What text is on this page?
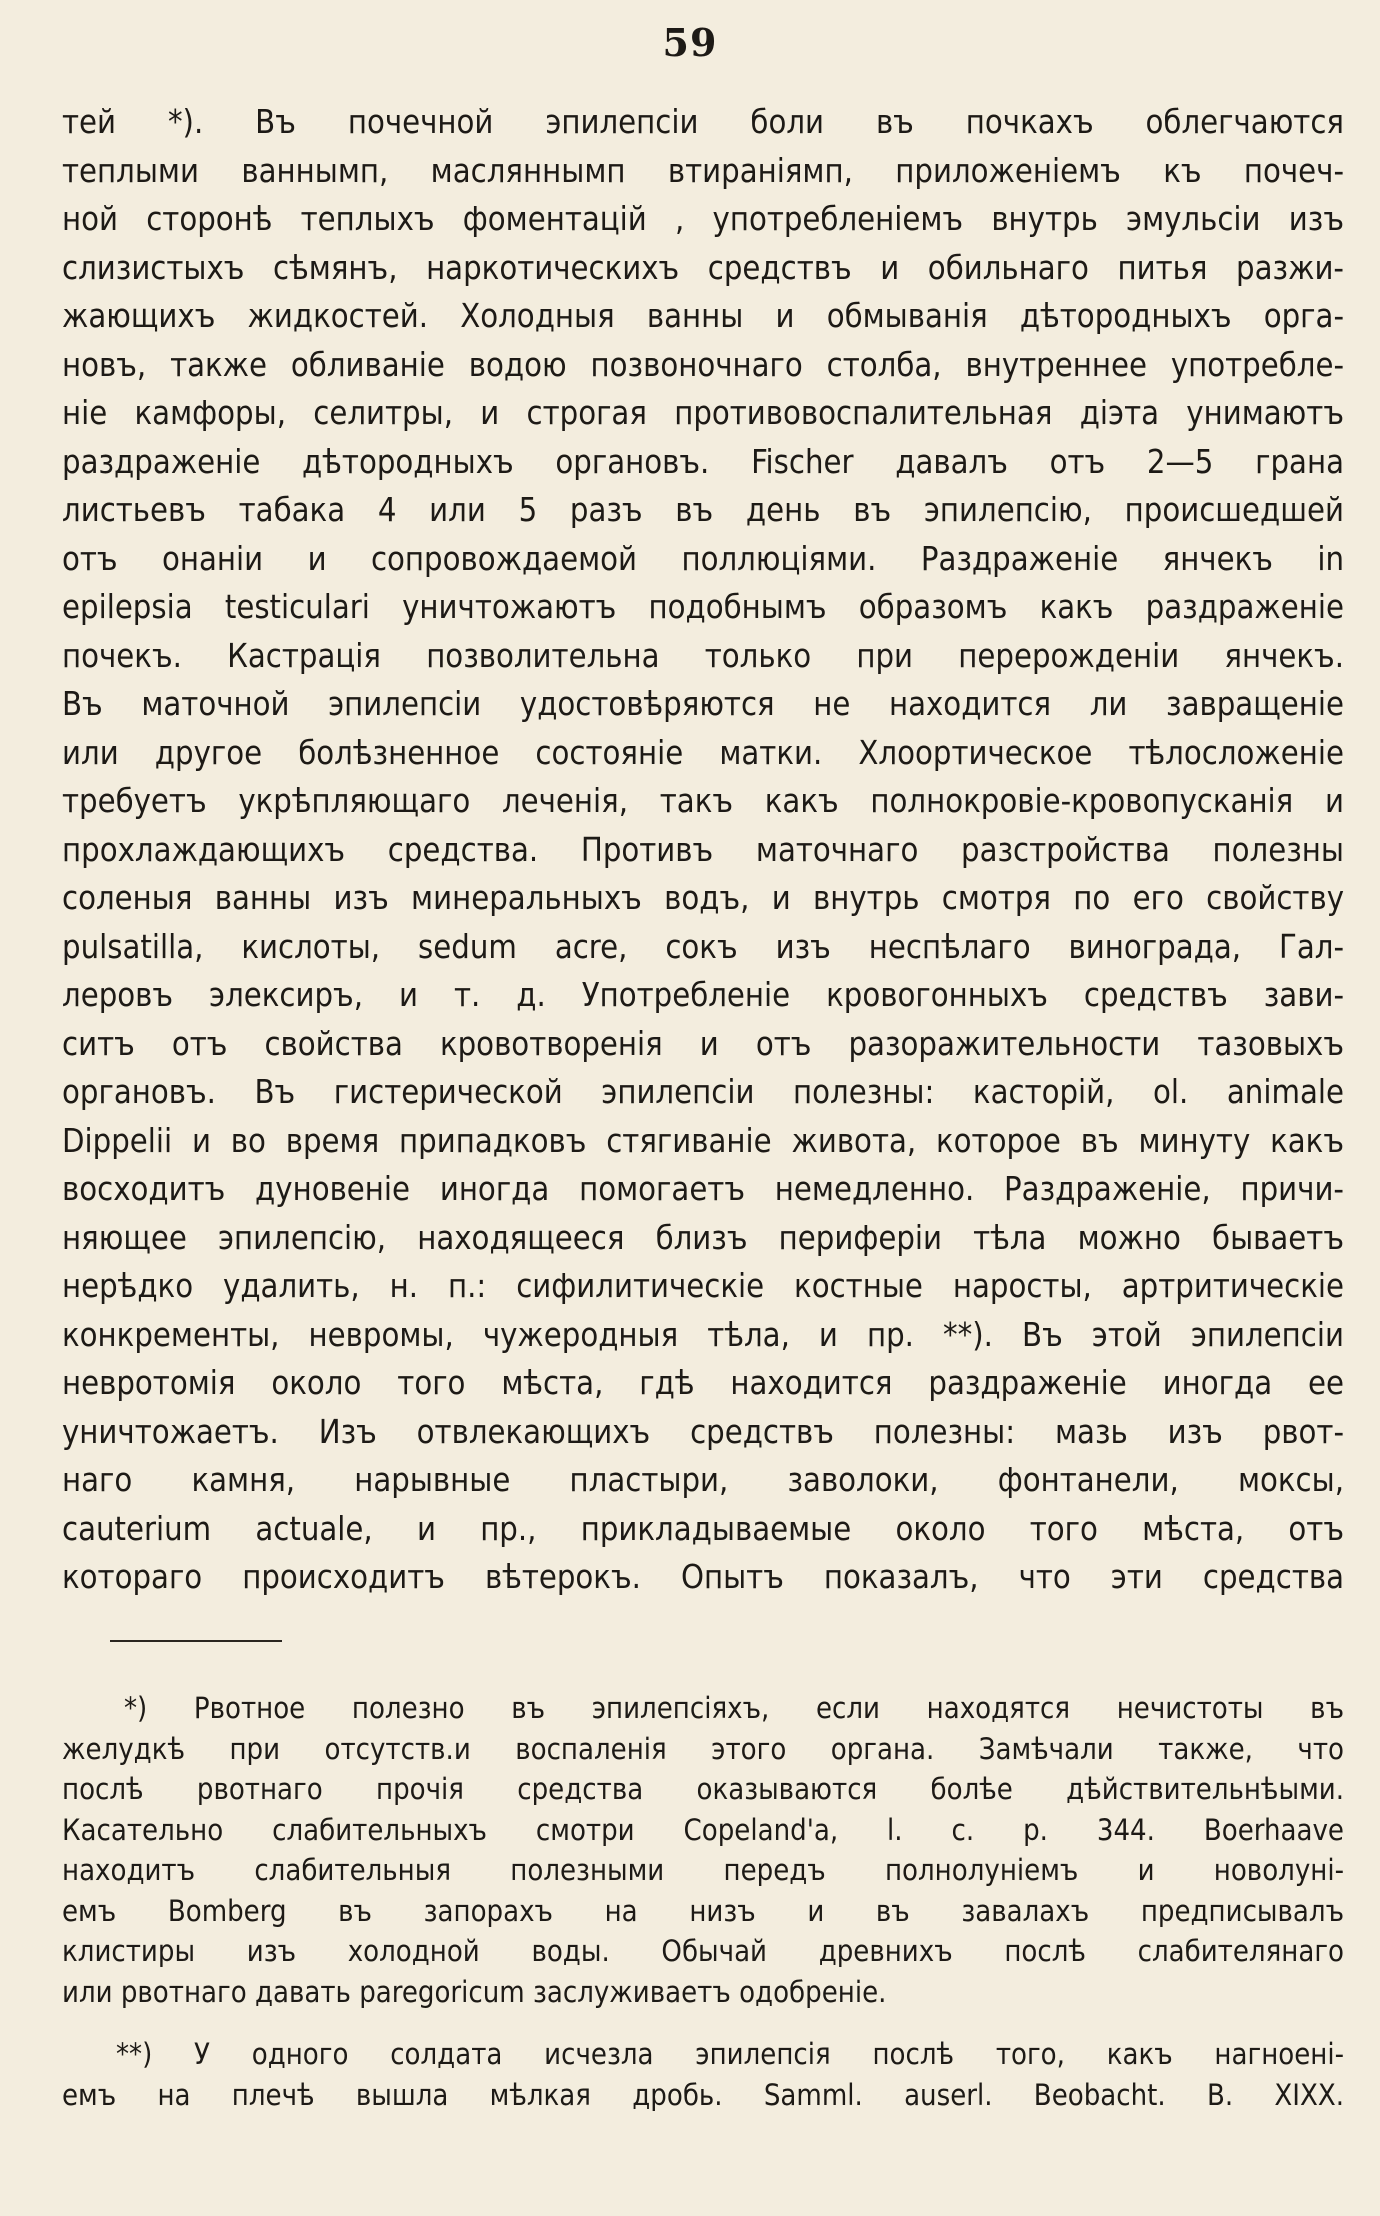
59
тей *). Въ почечной эпилепсіи боли въ почкахъ облегчаются
теплыми ваннымп, масляннымп втираніямп, приложеніемъ къ почеч-
ной сторонѣ теплыхъ фоментацій , употребленіемъ внутрь эмульсіи изъ
слизистыхъ сѣмянъ, наркотическихъ средствъ и обильнаго питья разжи-
жающихъ жидкостей. Холодныя ванны и обмыванія дѣтородныхъ орга-
новъ, также обливаніе водою позвоночнаго столба, внутреннее употребле-
ніе камфоры, селитры, и строгая противовоспалительная діэта унимаютъ
раздраженіе дѣтородныхъ органовъ. Fischer давалъ отъ 2—5 грана
листьевъ табака 4 или 5 разъ въ день въ эпилепсію, происшедшей
отъ онаніи и сопровождаемой поллюціями. Раздраженіе янчекъ in
epilepsia testiculari уничтожаютъ подобнымъ образомъ какъ раздраженіе
почекъ. Кастрація позволительна только при перерожденіи янчекъ.
Въ маточной эпилепсіи удостовѣряются не находится ли завращеніе
или другое болѣзненное состояніе матки. Хлоортическое тѣлосложеніе
требуетъ укрѣпляющаго леченія, такъ какъ полнокровіе-кровопусканія и
прохлаждающихъ средства. Противъ маточнаго разстройства полезны
соленыя ванны изъ минеральныхъ водъ, и внутрь смотря по его свойству
pulsatilla, кислоты, sedum acre, сокъ изъ неспѣлаго винограда, Гал-
леровъ элексиръ, и т. д. Употребленіе кровогонныхъ средствъ зави-
ситъ отъ свойства кровотворенія и отъ разоражительности тазовыхъ
органовъ. Въ гистерической эпилепсіи полезны: касторій, ol. animale
Dippelii и во время припадковъ стягиваніе живота, которое въ минуту какъ
восходитъ дуновеніе иногда помогаетъ немедленно. Раздраженіе, причи-
няющее эпилепсію, находящееся близъ периферіи тѣла можно бываетъ
нерѣдко удалить, н. п.: сифилитическіе костные наросты, артритическіе
конкременты, невромы, чужеродныя тѣла, и пр. **). Въ этой эпилепсіи
невротомія около того мѣста, гдѣ находится раздраженіе иногда ее
уничтожаетъ. Изъ отвлекающихъ средствъ полезны: мазь изъ рвот-
наго камня, нарывные пластыри, заволоки, фонтанели, моксы,
cauterium actuale, и пр., прикладываемые около того мѣста, отъ
котораго происходитъ вѣтерокъ. Опытъ показалъ, что эти средства
*) Рвотное полезно въ эпилепсіяхъ, если находятся нечистоты въ
желудкѣ при отсутств.и воспаленія этого органа. Замѣчали также, что
послѣ рвотнаго прочія средства оказываются болѣе дѣйствительнѣыми.
Касательно слабительныхъ смотри Copeland'a, l. c. p. 344. Boerhaave
находитъ слабительныя полезными передъ полнолуніемъ и новолуні-
емъ Bomberg въ запорахъ на низъ и въ завалахъ предписывалъ
клистиры изъ холодной воды. Обычай древнихъ послѣ слабителянаго
или рвотнаго давать paregoricum заслуживаетъ одобреніе.
**) У одного солдата исчезла эпилепсія послѣ того, какъ нагноені-
емъ на плечѣ вышла мѣлкая дробь. Samml. auserl. Beobacht. B. XIXX.
